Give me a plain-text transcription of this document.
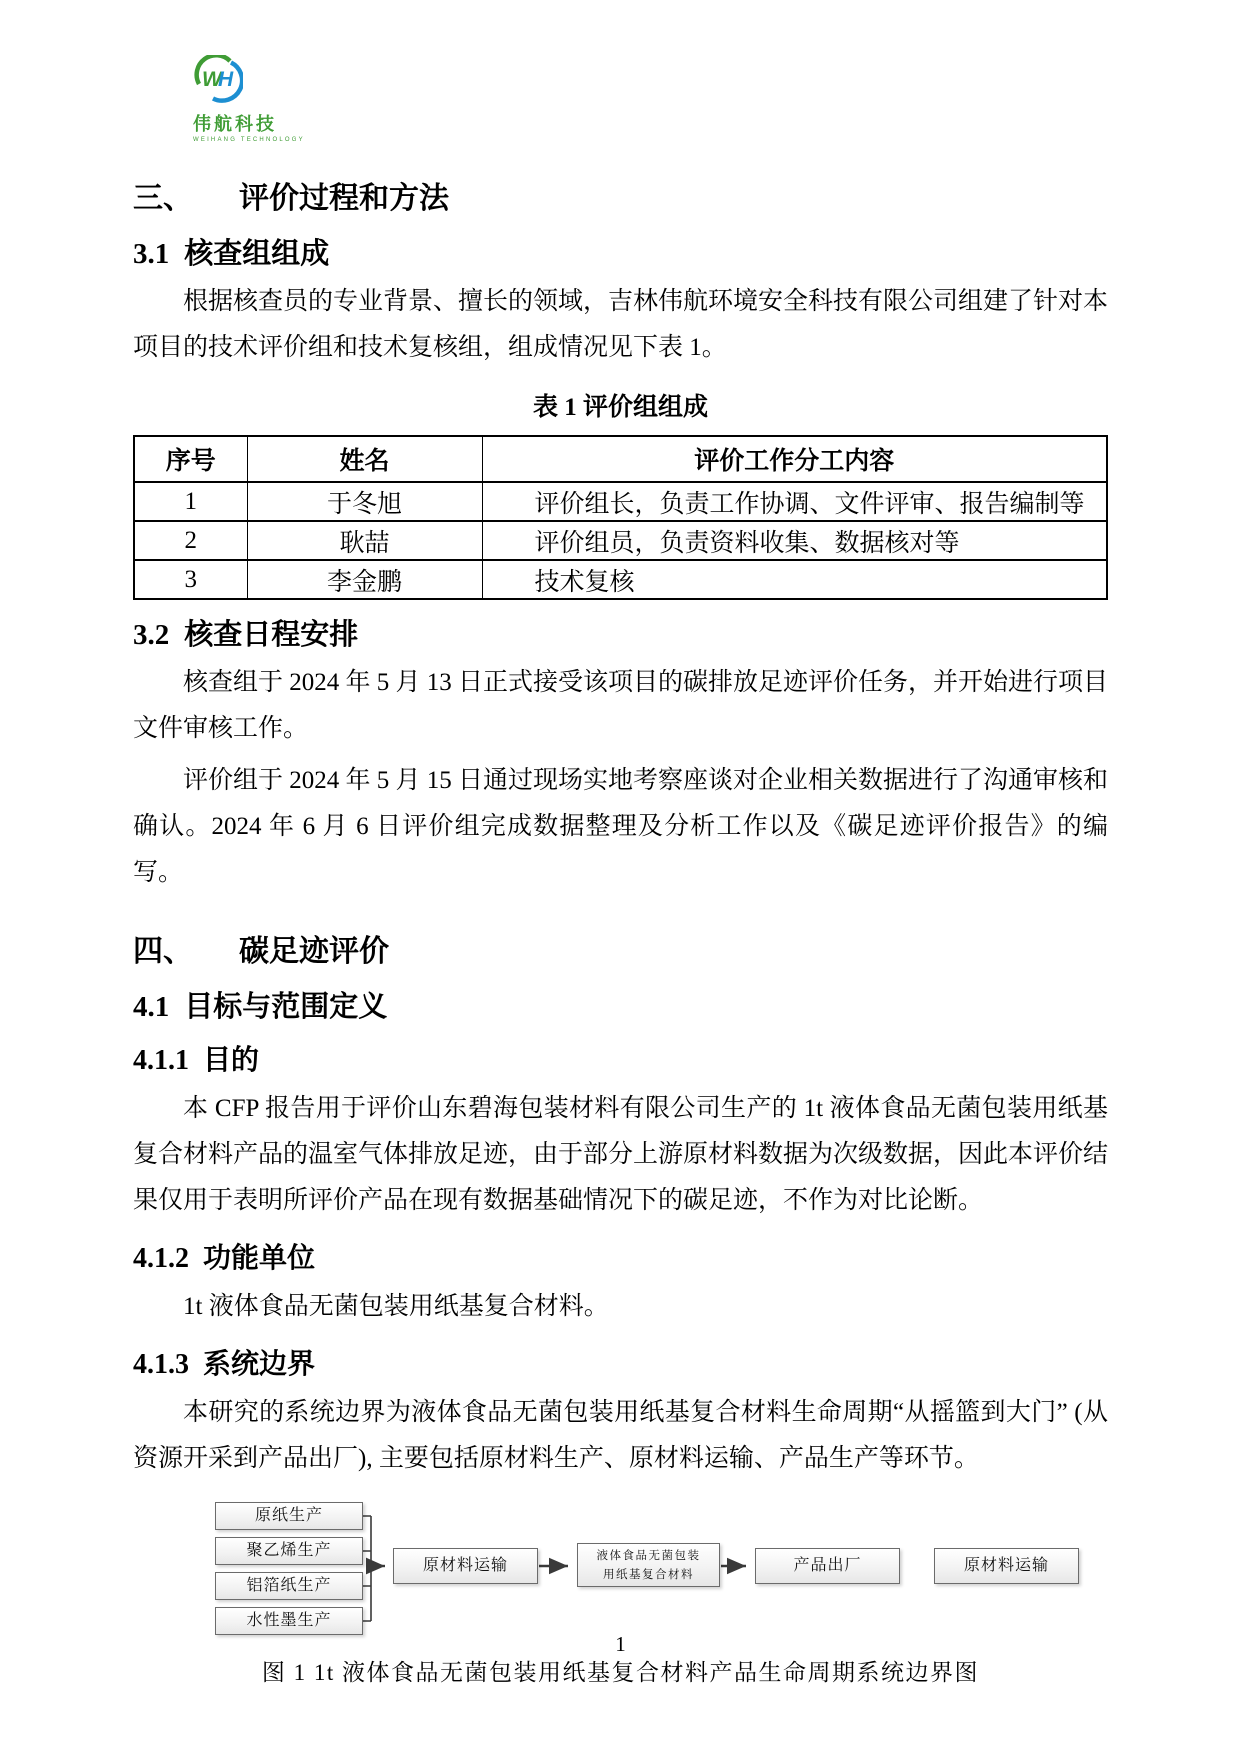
W
H
伟航科技
WEIHANG TECHNOLOGY
三、 评价过程和方法
3.1 核查组组成

根据核查员的专业背景、擅长的领域，吉林伟航环境安全科技有限公司组建了针对本项目的技术评价组和技术复核组，组成情况见下表 1。

表 1 评价组组成
序号	姓名	评价工作分工内容
1	于冬旭	评价组长，负责工作协调、文件评审、报告编制等
2	耿喆	评价组员，负责资料收集、数据核对等
3	李金鹏	技术复核
3.2 核查日程安排

核查组于 2024 年 5 月 13 日正式接受该项目的碳排放足迹评价任务，并开始进行项目文件审核工作。

评价组于 2024 年 5 月 15 日通过现场实地考察座谈对企业相关数据进行了沟通审核和确认。2024 年 6 月 6 日评价组完成数据整理及分析工作以及《碳足迹评价报告》的编写。

四、 碳足迹评价
4.1 目标与范围定义
4.1.1 目的

本 CFP 报告用于评价山东碧海包装材料有限公司生产的 1t 液体食品无菌包装用纸基复合材料产品的温室气体排放足迹，由于部分上游原材料数据为次级数据，因此本评价结果仅用于表明所评价产品在现有数据基础情况下的碳足迹，不作为对比论断。

4.1.2 功能单位

1t 液体食品无菌包装用纸基复合材料。

4.1.3 系统边界

本研究的系统边界为液体食品无菌包装用纸基复合材料生命周期“从摇篮到大门” (从资源开采到产品出厂), 主要包括原材料生产、原材料运输、产品生产等环节。

原纸生产
聚乙烯生产
铝箔纸生产
水性墨生产
原材料运输
液体食品无菌包装
用纸基复合材料
产品出厂	原材料运输
图 1 1t 液体食品无菌包装用纸基复合材料产品生命周期系统边界图
1
